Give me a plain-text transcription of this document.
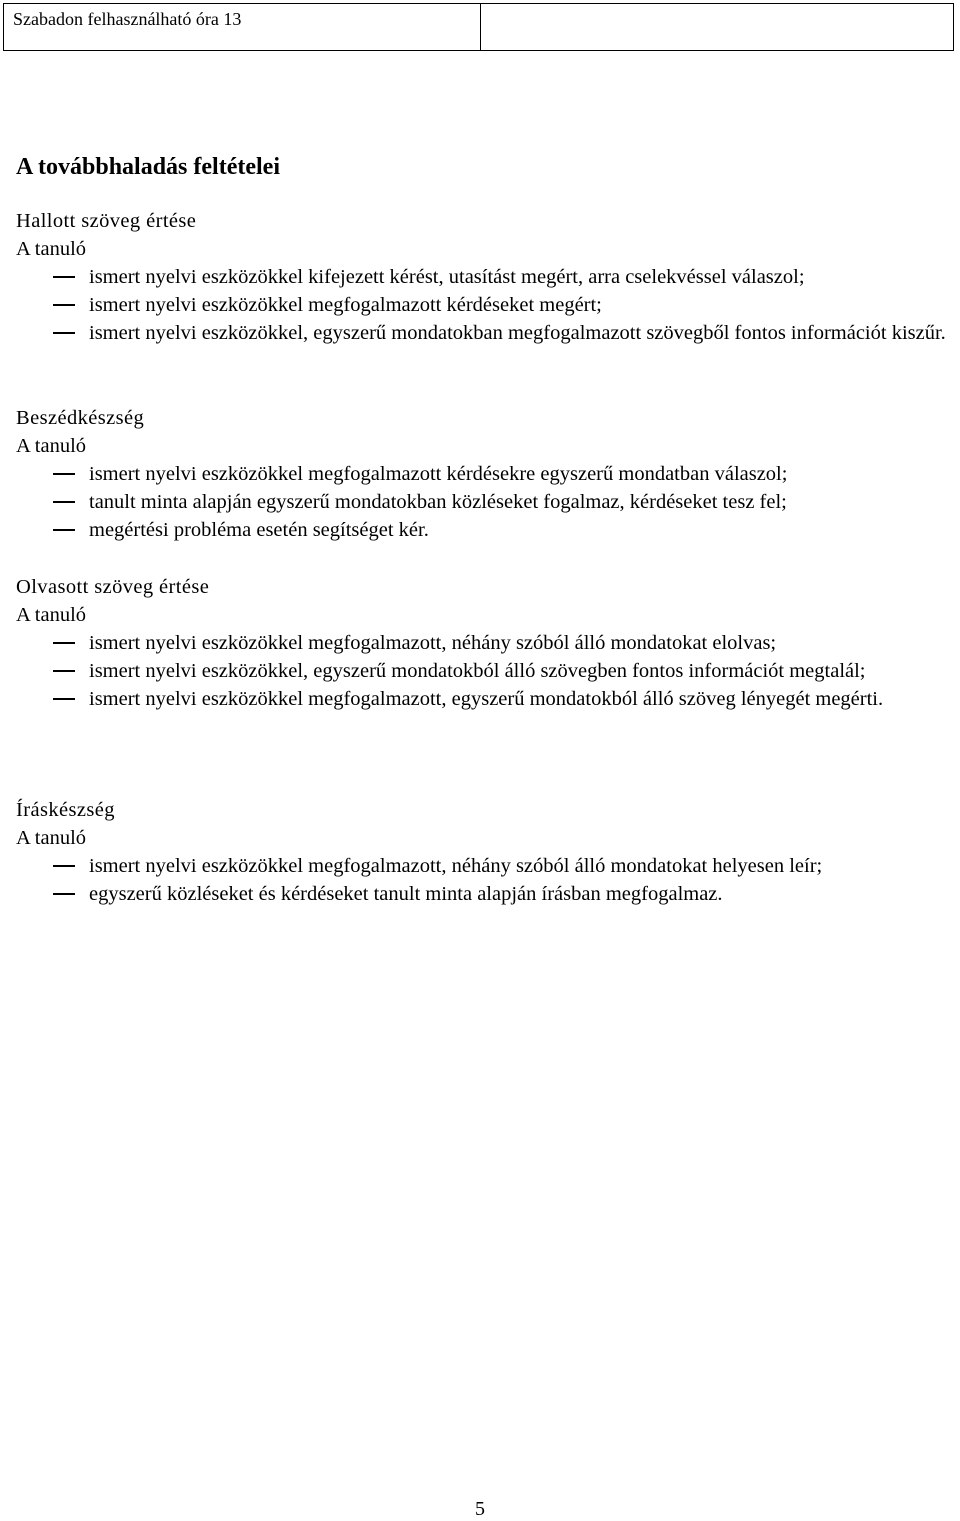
Szabadon felhasználható óra 13
A továbbhaladás feltételei
Hallott szöveg értése

A tanuló

ismert nyelvi eszközökkel kifejezett kérést, utasítást megért, arra cselekvéssel válaszol;
ismert nyelvi eszközökkel megfogalmazott kérdéseket megért;
ismert nyelvi eszközökkel, egyszerű mondatokban megfogalmazott szövegből fontos információt kiszűr.
Beszédkészség

A tanuló

ismert nyelvi eszközökkel megfogalmazott kérdésekre egyszerű mondatban válaszol;
tanult minta alapján egyszerű mondatokban közléseket fogalmaz, kérdéseket tesz fel;
megértési probléma esetén segítséget kér.
Olvasott szöveg értése

A tanuló

ismert nyelvi eszközökkel megfogalmazott, néhány szóból álló mondatokat elolvas;
ismert nyelvi eszközökkel, egyszerű mondatokból álló szövegben fontos információt megtalál;
ismert nyelvi eszközökkel megfogalmazott, egyszerű mondatokból álló szöveg lényegét megérti.
Íráskészség

A tanuló

ismert nyelvi eszközökkel megfogalmazott, néhány szóból álló mondatokat helyesen leír;
egyszerű közléseket és kérdéseket tanult minta alapján írásban megfogalmaz.
5
